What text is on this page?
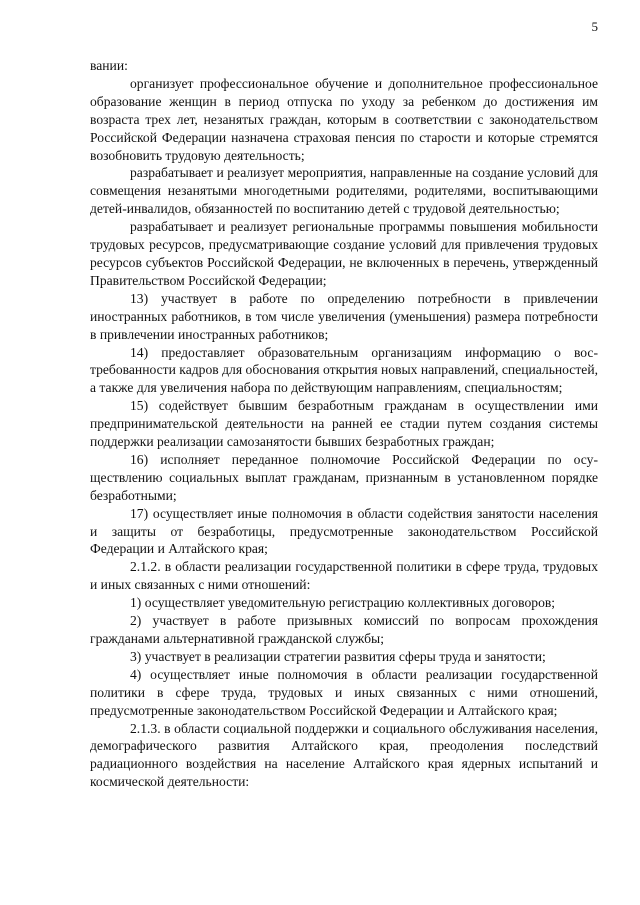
5

вании:

организует профессиональное обучение и дополнительное профессиональное образование женщин в период отпуска по уходу за ребенком до достижения им возраста трех лет, незанятых граждан, которым в соответствии с законодательством Российской Федерации назначена страховая пенсия по старости и которые стремятся возобновить трудовую деятельность;

разрабатывает и реализует мероприятия, направленные на создание условий для совмещения незанятыми многодетными родителями, родителями, воспитывающими детей-инвалидов, обязанностей по воспитанию детей с трудовой деятельностью;

разрабатывает и реализует региональные программы повышения мобильности трудовых ресурсов, предусматривающие создание условий для привлечения трудовых ресурсов субъектов Российской Федерации, не включенных в перечень, утвержденный Правительством Российской Федерации;

13) участвует в работе по определению потребности в привлечении иностранных работников, в том числе увеличения (уменьшения) размера потребности в привлечении иностранных работников;

14) предоставляет образовательным организациям информацию о востребованности кадров для обоснования открытия новых направлений, специальностей, а также для увеличения набора по действующим направлениям, специальностям;

15) содействует бывшим безработным гражданам в осуществлении ими предпринимательской деятельности на ранней ее стадии путем создания системы поддержки реализации самозанятости бывших безработных граждан;

16) исполняет переданное полномочие Российской Федерации по осуществлению социальных выплат гражданам, признанным в установленном порядке безработными;

17) осуществляет иные полномочия в области содействия занятости населения и защиты от безработицы, предусмотренные законодательством Российской Федерации и Алтайского края;

2.1.2. в области реализации государственной политики в сфере труда, трудовых и иных связанных с ними отношений:

1) осуществляет уведомительную регистрацию коллективных договоров;

2) участвует в работе призывных комиссий по вопросам прохождения гражданами альтернативной гражданской службы;

3) участвует в реализации стратегии развития сферы труда и занятости;

4) осуществляет иные полномочия в области реализации государственной политики в сфере труда, трудовых и иных связанных с ними отношений, предусмотренные законодательством Российской Федерации и Алтайского края;

2.1.3. в области социальной поддержки и социального обслуживания населения, демографического развития Алтайского края, преодоления последствий радиационного воздействия на население Алтайского края ядерных испытаний и космической деятельности:
